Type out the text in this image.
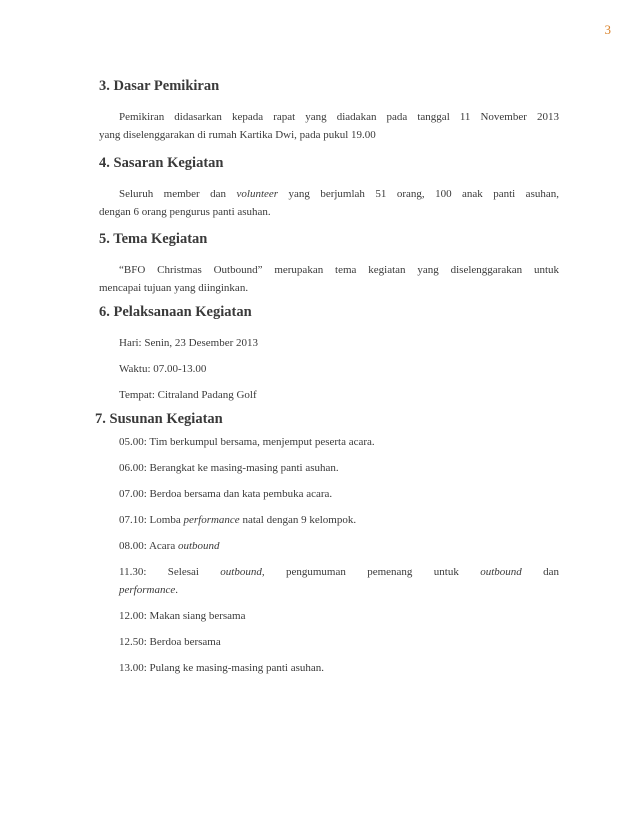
3
3. Dasar Pemikiran

Pemikiran didasarkan kepada rapat yang diadakan pada tanggal 11 November 2013

yang diselenggarakan di rumah Kartika Dwi, pada pukul 19.00

4. Sasaran Kegiatan

Seluruh member dan volunteer yang berjumlah 51 orang, 100 anak panti asuhan,

dengan 6 orang pengurus panti asuhan.

5. Tema Kegiatan

“BFO Christmas Outbound” merupakan tema kegiatan yang diselenggarakan untuk

mencapai tujuan yang diinginkan.

6. Pelaksanaan Kegiatan

Hari: Senin, 23 Desember 2013

Waktu: 07.00-13.00

Tempat: Citraland Padang Golf

7. Susunan Kegiatan

05.00: Tim berkumpul bersama, menjemput peserta acara.

06.00: Berangkat ke masing-masing panti asuhan.

07.00: Berdoa bersama dan kata pembuka acara.

07.10: Lomba performance natal dengan 9 kelompok.

08.00: Acara outbound

11.30: Selesai outbound, pengumuman pemenang untuk outbound dan

performance.

12.00: Makan siang bersama

12.50: Berdoa bersama

13.00: Pulang ke masing-masing panti asuhan.
